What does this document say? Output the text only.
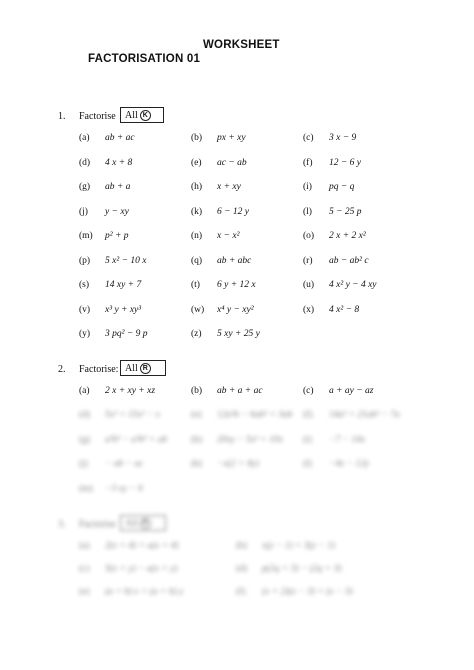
WORKSHEET
FACTORISATION 01
1. Factorise All K
(a) ab + ac	(b) px + xy	(c) 3 x − 9
(d) 4 x + 8	(e) ac − ab	(f) 12 − 6 y
(g) ab + a	(h) x + xy	(i) pq − q
(j) y − xy	(k) 6 − 12 y	(l) 5 − 25 p
(m) p² + p	(n) x − x²	(o) 2 x + 2 x²
(p) 5 x² − 10 x	(q) ab + abc	(r) ab − ab² c
(s) 14 xy + 7	(t) 6 y + 12 x	(u) 4 x² y − 4 xy
(v) x³ y + xy³	(w) x⁴ y − xy²	(x) 4 x² − 8
(y) 3 pq² − 9 p	(z) 5 xy + 25 y
2. Factorise: All R
(a) 2 x + xy + xz	(b) ab + a + ac	(c) a + ay − az
(d) 5x² + 15x² − x	(e) 12a²b − 6ab² + 3ab (f) 14a² + 21ab² − 7a
(g) a²b³ − a³b² + ab	(h) 20xy − 5x² + 10x (i) −7 − 14x
(j) − ab − ac	(k) −x(2 + 4y)	(l) −4x − 12y
(m) −3 xy − 6
3. Factorise All R
(a) 2(x + 4) + a(x + 4)	(b) x(y − 1) + 3(y − 1)
(c) 5(x + y) − a(x + y)	(d) p(2q + 3) − (2q + 3)
(e) (a + b) x + (a + b) y	(f) (x + 2)(x − 3) + (x − 3)
